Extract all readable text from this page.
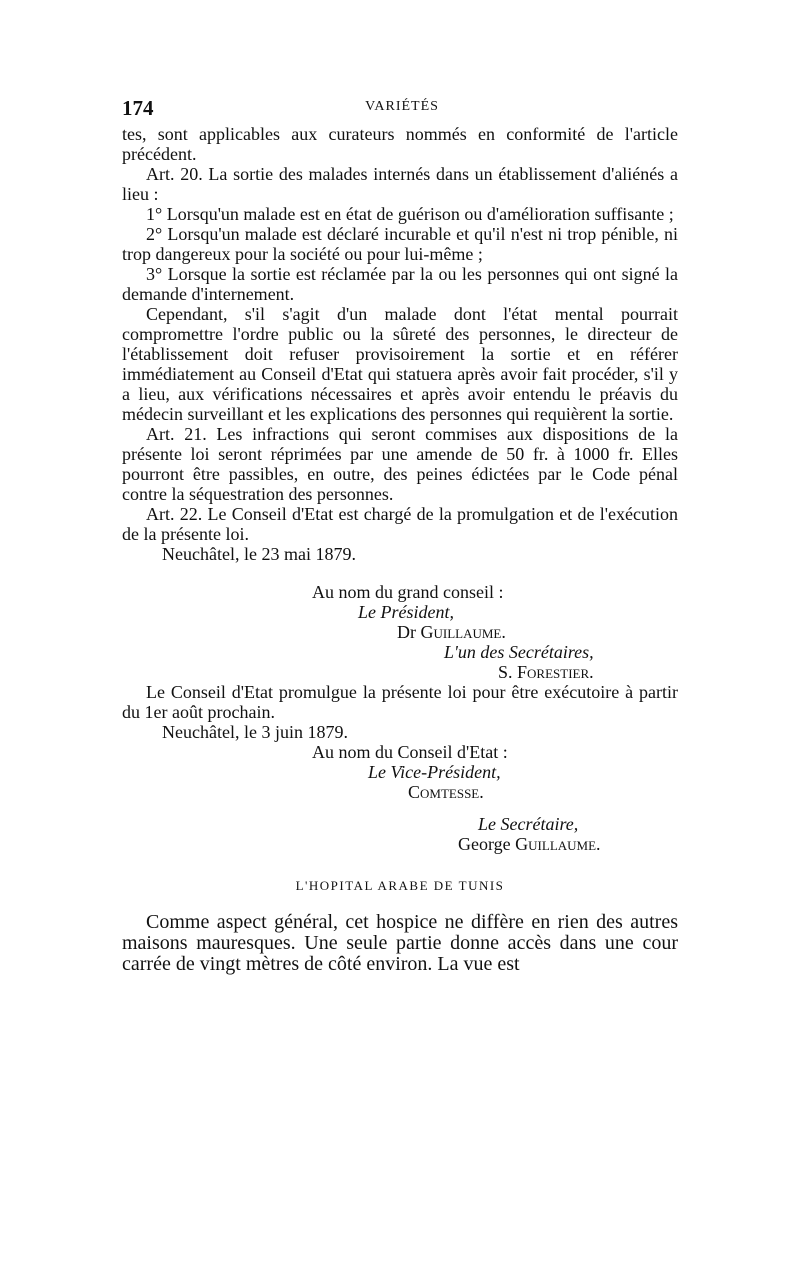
174	VARIÉTÉS

tes, sont applicables aux curateurs nommés en conformité de l'article précédent.

Art. 20. La sortie des malades internés dans un établissement d'aliénés a lieu :

1° Lorsqu'un malade est en état de guérison ou d'amélioration suffisante ;

2° Lorsqu'un malade est déclaré incurable et qu'il n'est ni trop pénible, ni trop dangereux pour la société ou pour lui-même ;

3° Lorsque la sortie est réclamée par la ou les personnes qui ont signé la demande d'internement.

Cependant, s'il s'agit d'un malade dont l'état mental pourrait compromettre l'ordre public ou la sûreté des personnes, le directeur de l'établissement doit refuser provisoirement la sortie et en référer immédiatement au Conseil d'Etat qui statuera après avoir fait procéder, s'il y a lieu, aux vérifications nécessaires et après avoir entendu le préavis du médecin surveillant et les explications des personnes qui requièrent la sortie.

Art. 21. Les infractions qui seront commises aux dispositions de la présente loi seront réprimées par une amende de 50 fr. à 1000 fr. Elles pourront être passibles, en outre, des peines édictées par le Code pénal contre la séquestration des personnes.

Art. 22. Le Conseil d'Etat est chargé de la promulgation et de l'exécution de la présente loi.

Neuchâtel, le 23 mai 1879.

Au nom du grand conseil :

Le Président,

Dr Guillaume.

L'un des Secrétaires,

S. Forestier.

Le Conseil d'Etat promulgue la présente loi pour être exécutoire à partir du 1er août prochain.

Neuchâtel, le 3 juin 1879.

Au nom du Conseil d'Etat :

Le Vice-Président,

Comtesse.

Le Secrétaire,

George Guillaume.

L'HOPITAL ARABE DE TUNIS

Comme aspect général, cet hospice ne diffère en rien des autres maisons mauresques. Une seule partie donne accès dans une cour carrée de vingt mètres de côté environ. La vue est
